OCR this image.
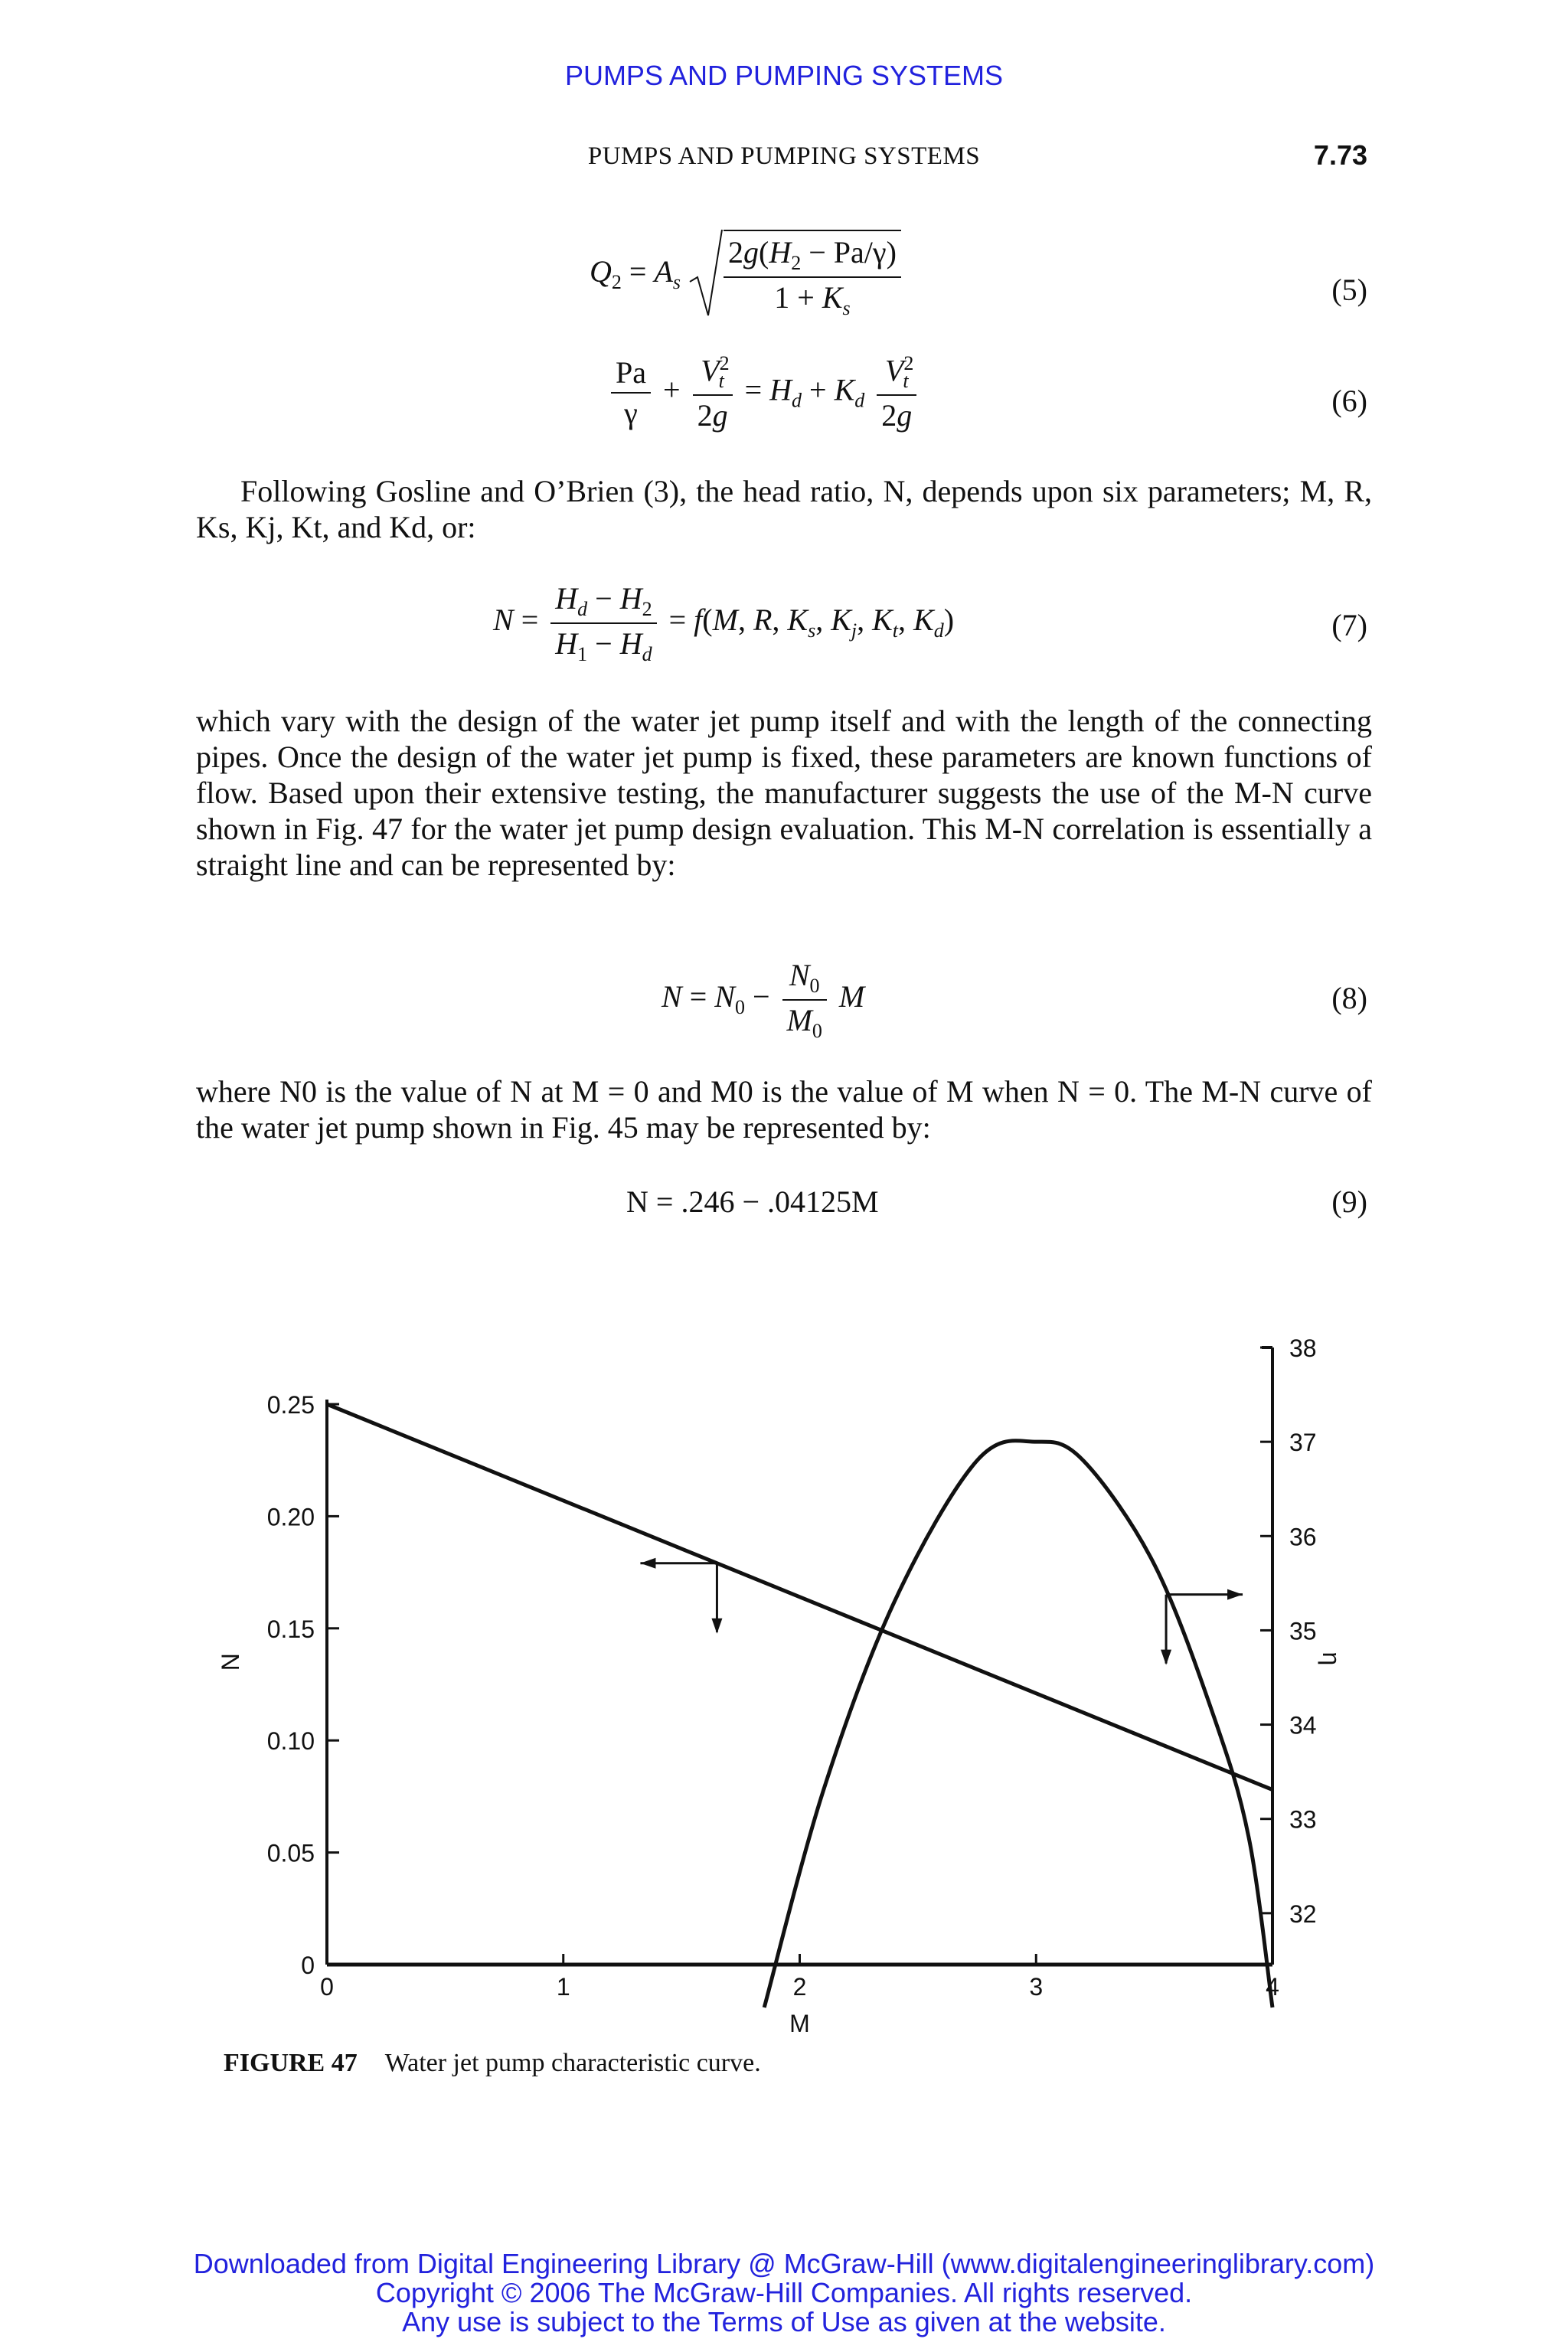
PUMPS AND PUMPING SYSTEMS
PUMPS AND PUMPING SYSTEMS	7.73
$Q_2 = A_s \frac{2g(H_2 - Pa/\gamma)}{1 + K_s}$	(5)
$\frac{Pa}{\gamma} + \frac{V^2_t}{2g} = H_d + K_d \frac{V^2_t}{2g}$	(6)
Following Gosline and O’Brien (3), the head ratio, N, depends upon six parameters; M, R, Ks, Kj, Kt, and Kd, or:
$N = \frac{H_d - H_2}{H_1 - H_d} = f(M$, R, $K_s$, $K_j$, $K_t$, $K_d$)	(7)
which vary with the design of the water jet pump itself and with the length of the connecting pipes. Once the design of the water jet pump is fixed, these parameters are known functions of flow. Based upon their extensive testing, the manufacturer suggests the use of the M-N curve shown in Fig. 47 for the water jet pump design evaluation. This M-N correlation is essentially a straight line and can be represented by:
$N = N_0 - \frac{N_0}{M_0}$ M	(8)
where N0 is the value of N at M = 0 and M0 is the value of M when N = 0. The M-N curve of the water jet pump shown in Fig. 45 may be represented by:
N = .246 − .04125M	(9)
0	1	2	3	4
0
0.05
0.10
0.15
0.20
0.25
32
33
34
35
36
37
38
M
N	η
FIGURE 47 Water jet pump characteristic curve.
Downloaded from Digital Engineering Library @ McGraw-Hill (www.digitalengineeringlibrary.com)
Copyright © 2006 The McGraw-Hill Companies. All rights reserved.
Any use is subject to the Terms of Use as given at the website.
